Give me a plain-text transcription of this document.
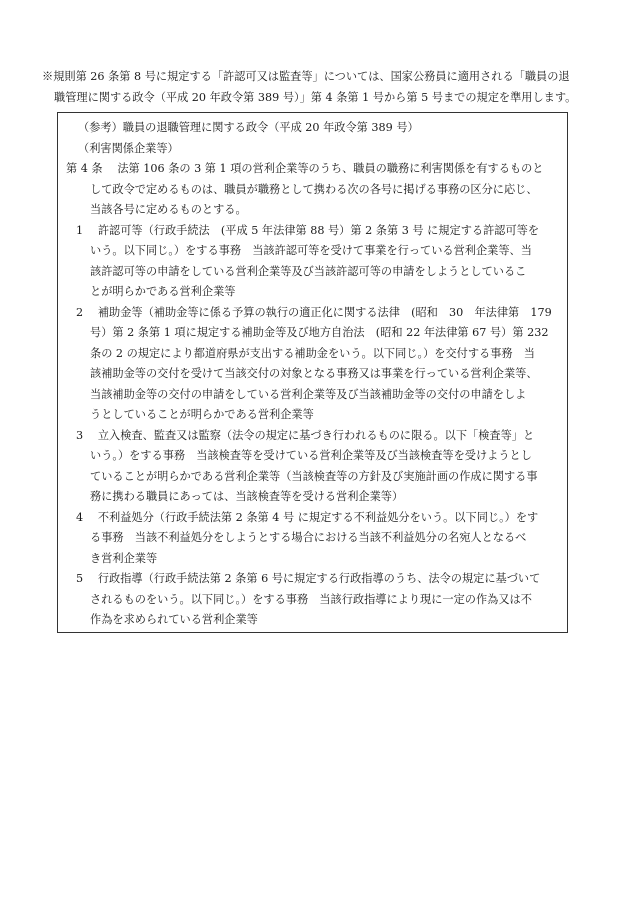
※規則第 26 条第 8 号に規定する「許認可又は監査等」については、国家公務員に適用される「職員の退
職管理に関する政令（平成 20 年政令第 389 号）」第 4 条第 1 号から第 5 号までの規定を準用します。
（参考）職員の退職管理に関する政令（平成 20 年政令第 389 号）
（利害関係企業等）
第 4 条　 法第 106 条の 3 第 1 項の営利企業等のうち、職員の職務に利害関係を有するものと
して政令で定めるものは、職員が職務として携わる次の各号に掲げる事務の区分に応じ、
当該各号に定めるものとする。
1　 許認可等（行政手続法　(平成 5 年法律第 88 号）第 2 条第 3 号 に規定する許認可等を
いう。以下同じ。）をする事務　当該許認可等を受けて事業を行っている営利企業等、当
該許認可等の申請をしている営利企業等及び当該許認可等の申請をしようとしているこ
とが明らかである営利企業等
2　 補助金等（補助金等に係る予算の執行の適正化に関する法律　(昭和　30　年法律第　179
号）第 2 条第 1 項に規定する補助金等及び地方自治法　(昭和 22 年法律第 67 号）第 232
条の 2 の規定により都道府県が支出する補助金をいう。以下同じ。）を交付する事務　当
該補助金等の交付を受けて当該交付の対象となる事務又は事業を行っている営利企業等、
当該補助金等の交付の申請をしている営利企業等及び当該補助金等の交付の申請をしよ
うとしていることが明らかである営利企業等
3　 立入検査、監査又は監察（法令の規定に基づき行われるものに限る。以下「検査等」と
いう。）をする事務　当該検査等を受けている営利企業等及び当該検査等を受けようとし
ていることが明らかである営利企業等（当該検査等の方針及び実施計画の作成に関する事
務に携わる職員にあっては、当該検査等を受ける営利企業等）
4　 不利益処分（行政手続法第 2 条第 4 号 に規定する不利益処分をいう。以下同じ。）をす
る事務　当該不利益処分をしようとする場合における当該不利益処分の名宛人となるべ
き営利企業等
5　 行政指導（行政手続法第 2 条第 6 号に規定する行政指導のうち、法令の規定に基づいて
されるものをいう。以下同じ。）をする事務　当該行政指導により現に一定の作為又は不
作為を求められている営利企業等
